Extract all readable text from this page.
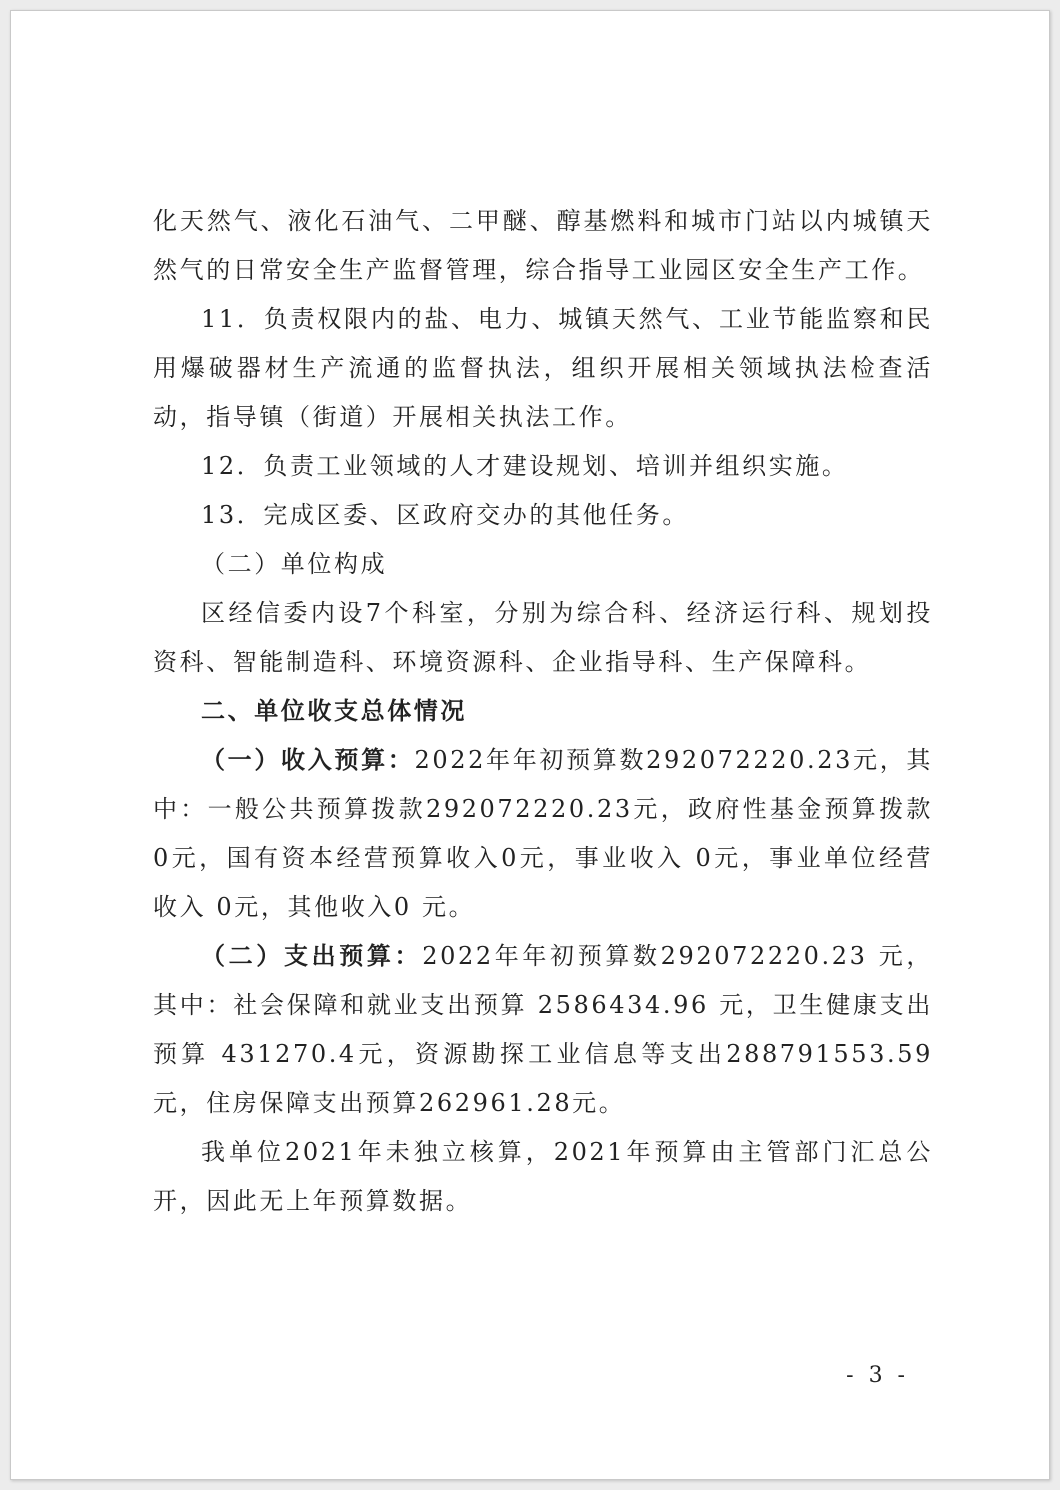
化天然气、液化石油气、二甲醚、醇基燃料和城市门站以内城镇天然气的日常安全生产监督管理，综合指导工业园区安全生产工作。

11．负责权限内的盐、电力、城镇天然气、工业节能监察和民用爆破器材生产流通的监督执法，组织开展相关领域执法检查活动，指导镇（街道）开展相关执法工作。

12．负责工业领域的人才建设规划、培训并组织实施。

13．完成区委、区政府交办的其他任务。

（二）单位构成

区经信委内设7个科室，分别为综合科、经济运行科、规划投资科、智能制造科、环境资源科、企业指导科、生产保障科。

二、单位收支总体情况

（一）收入预算：2022年年初预算数292072220.23元，其中：一般公共预算拨款292072220.23元，政府性基金预算拨款0元，国有资本经营预算收入0元，事业收入 0元，事业单位经营收入 0元，其他收入0 元。

（二）支出预算：2022年年初预算数292072220.23 元，其中：社会保障和就业支出预算 2586434.96 元，卫生健康支出预算 431270.4元，资源勘探工业信息等支出288791553.59元，住房保障支出预算262961.28元。

我单位2021年未独立核算，2021年预算由主管部门汇总公开，因此无上年预算数据。

- 3 -
